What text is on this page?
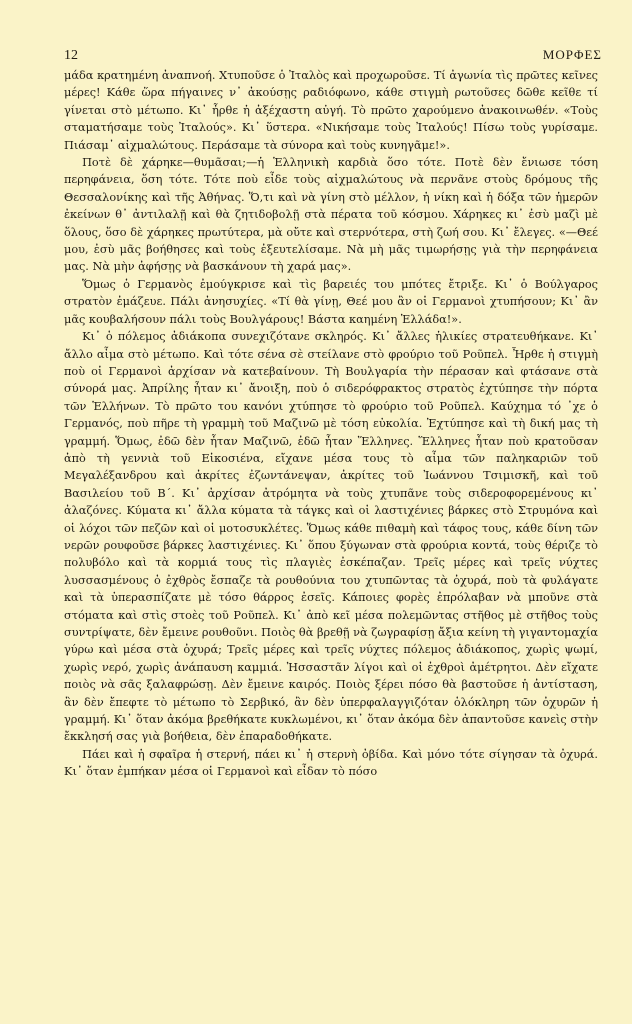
12	ΜΟΡΦΕΣ

μάδα κρατημένη ἀναπνοή. Χτυποῦσε ὁ Ἰταλὸς καὶ προχωροῦσε. Τί ἀγωνία τὶς πρῶτες κεῖνες μέρες! Κάθε ὥρα πήγαινες ν᾿ ἀκούσῃς ραδιόφωνο, κάθε στιγμὴ ρωτοῦσες δῶθε κεῖθε τί γίνεται στὸ μέτωπο. Κι᾿ ἦρθε ἡ ἀξέχαστη αὐγή. Τὸ πρῶτο χαρούμενο ἀνακοινωθέν. «Τοὺς σταματήσαμε τοὺς Ἰταλούς». Κι᾿ ὕστερα. «Νικήσαμε τοὺς Ἰταλούς! Πίσω τοὺς γυρίσαμε. Πιάσαμ᾿ αἰχμαλώτους. Περάσαμε τὰ σύνορα καὶ τοὺς κυνηγᾶμε!».

Ποτὲ δὲ χάρηκε—θυμᾶσαι;—ἡ Ἑλληνικὴ καρδιὰ ὅσο τότε. Ποτὲ δὲν ἔνιωσε τόση περηφάνεια, ὅση τότε. Τότε ποὺ εἶδε τοὺς αἰχμαλώτους νὰ περνᾶνε στοὺς δρόμους τῆς Θεσσαλονίκης καὶ τῆς Ἀθήνας. Ὅ,τι καὶ νὰ γίνη στὸ μέλλον, ἡ νίκη καὶ ἡ δόξα τῶν ἡμερῶν ἐκείνων θ᾿ ἀντιλαλῇ καὶ θὰ ζητιδοβολῇ στὰ πέρατα τοῦ κόσμου. Χάρηκες κι᾿ ἐσὺ μαζὶ μὲ ὅλους, ὅσο δὲ χάρηκες πρωτύτερα, μὰ οὔτε καὶ στερνότερα, στὴ ζωή σου. Κι᾿ ἔλεγες. «—Θεέ μου, ἐσὺ μᾶς βοήθησες καὶ τοὺς ἐξευτελίσαμε. Νὰ μὴ μᾶς τιμωρήσῃς γιὰ τὴν περηφάνεια μας. Νὰ μὴν ἀφήσῃς νὰ βασκάνουν τὴ χαρά μας».

Ὅμως ὁ Γερμανὸς ἐμούγκρισε καὶ τὶς βαρειές του μπότες ἔτριξε. Κι᾿ ὁ Βούλγαρος στρατὸν ἐμάζευε. Πάλι ἀνησυχίες. «Τί θὰ γίνῃ, Θεέ μου ἂν οἱ Γερμανοὶ χτυπήσουν; Κι᾿ ἂν μᾶς κουβαλήσουν πάλι τοὺς Βουλγάρους! Βάστα καημένη Ἑλλάδα!».

Κι᾿ ὁ πόλεμος ἀδιάκοπα συνεχιζότανε σκληρός. Κι᾿ ἄλλες ἡλικίες στρατευθήκανε. Κι᾿ ἄλλο αἷμα στὸ μέτωπο. Καὶ τότε σένα σὲ στείλανε στὸ φρούριο τοῦ Ροῦπελ. Ἦρθε ἡ στιγμὴ ποὺ οἱ Γερμανοὶ ἀρχίσαν νὰ κατεβαίνουν. Τὴ Βουλγαρία τὴν πέρασαν καὶ φτάσανε στὰ σύνορά μας. Ἀπρίλης ἦταν κι᾿ ἄνοιξη, ποὺ ὁ σιδερόφρακτος στρατὸς ἐχτύπησε τὴν πόρτα τῶν Ἑλλήνων. Τὸ πρῶτο του κανόνι χτύπησε τὸ φρούριο τοῦ Ροῦπελ. Καύχημα τό ᾿χε ὁ Γερμανός, ποὺ πῆρε τὴ γραμμὴ τοῦ Μαζινῶ μὲ τόση εὐκολία. Ἐχτύπησε καὶ τὴ δική μας τὴ γραμμή. Ὅμως, ἐδῶ δὲν ἦταν Μαζινῶ, ἐδῶ ἦταν Ἕλληνες. Ἕλληνες ἦταν ποὺ κρατοῦσαν ἀπὸ τὴ γεννιὰ τοῦ Εἰκοσιένα, εἴχανε μέσα τους τὸ αἷμα τῶν παληκαριῶν τοῦ Μεγαλέξανδρου καὶ ἀκρίτες ἐζωντάνεψαν, ἀκρίτες τοῦ Ἰωάννου Τσιμισκῆ, καὶ τοῦ Βασιλείου τοῦ Β΄. Κι᾿ ἀρχίσαν ἀτρόμητα νὰ τοὺς χτυπᾶνε τοὺς σιδεροφορεμένους κι᾿ ἀλαζόνες. Κύματα κι᾿ ἄλλα κύματα τὰ τάγκς καὶ οἱ λαστιχένιες βάρκες στὸ Στρυμόνα καὶ οἱ λόχοι τῶν πεζῶν καὶ οἱ μοτοσυκλέτες. Ὅμως κάθε πιθαμὴ καὶ τάφος τους, κάθε δίνη τῶν νερῶν ρουφοῦσε βάρκες λαστιχένιες. Κι᾿ ὅπου ξύγωναν στὰ φρούρια κοντά, τοὺς θέριζε τὸ πολυβόλο καὶ τὰ κορμιά τους τὶς πλαγιὲς ἐσκέπαζαν. Τρεῖς μέρες καὶ τρεῖς νύχτες λυσσασμένους ὁ ἐχθρὸς ἔσπαζε τὰ ρουθούνια του χτυπῶντας τὰ ὀχυρά, ποὺ τὰ φυλάγατε καὶ τὰ ὑπερασπίζατε μὲ τόσο θάρρος ἐσεῖς. Κάποιες φορὲς ἐπρόλαβαν νὰ μποῦνε στὰ στόματα καὶ στὶς στοὲς τοῦ Ροῦπελ. Κι᾿ ἀπὸ κεῖ μέσα πολεμῶντας στῆθος μὲ στῆθος τοὺς συντρίψατε, δὲν ἔμεινε ρουθοῦνι. Ποιὸς θὰ βρεθῇ νὰ ζωγραφίσῃ ἄξια κείνη τὴ γιγαντομαχία γύρω καὶ μέσα στὰ ὀχυρά; Τρεῖς μέρες καὶ τρεῖς νύχτες πόλεμος ἀδιάκοπος, χωρὶς ψωμί, χωρὶς νερό, χωρὶς ἀνάπαυση καμμιά. Ἡσσαστᾶν λίγοι καὶ οἱ ἐχθροὶ ἀμέτρητοι. Δὲν εἴχατε ποιὸς νὰ σᾶς ξαλαφρώσῃ. Δὲν ἔμεινε καιρός. Ποιὸς ξέρει πόσο θὰ βαστοῦσε ἡ ἀντίσταση, ἂν δὲν ἔπεφτε τὸ μέτωπο τὸ Σερβικό, ἂν δὲν ὑπερφαλαγγιζόταν ὁλόκληρη τῶν ὀχυρῶν ἡ γραμμή. Κι᾿ ὅταν ἀκόμα βρεθήκατε κυκλωμένοι, κι᾿ ὅταν ἀκόμα δὲν ἀπαντοῦσε κανεὶς στὴν ἔκκλησή σας γιὰ βοήθεια, δὲν ἐπαραδοθήκατε.

Πάει καὶ ἡ σφαῖρα ἡ στερνή, πάει κι᾿ ἡ στερνὴ ὀβίδα. Καὶ μόνο τότε σίγησαν τὰ ὀχυρά. Κι᾿ ὅταν ἐμπήκαν μέσα οἱ Γερμανοὶ καὶ εἶδαν τὸ πόσο
